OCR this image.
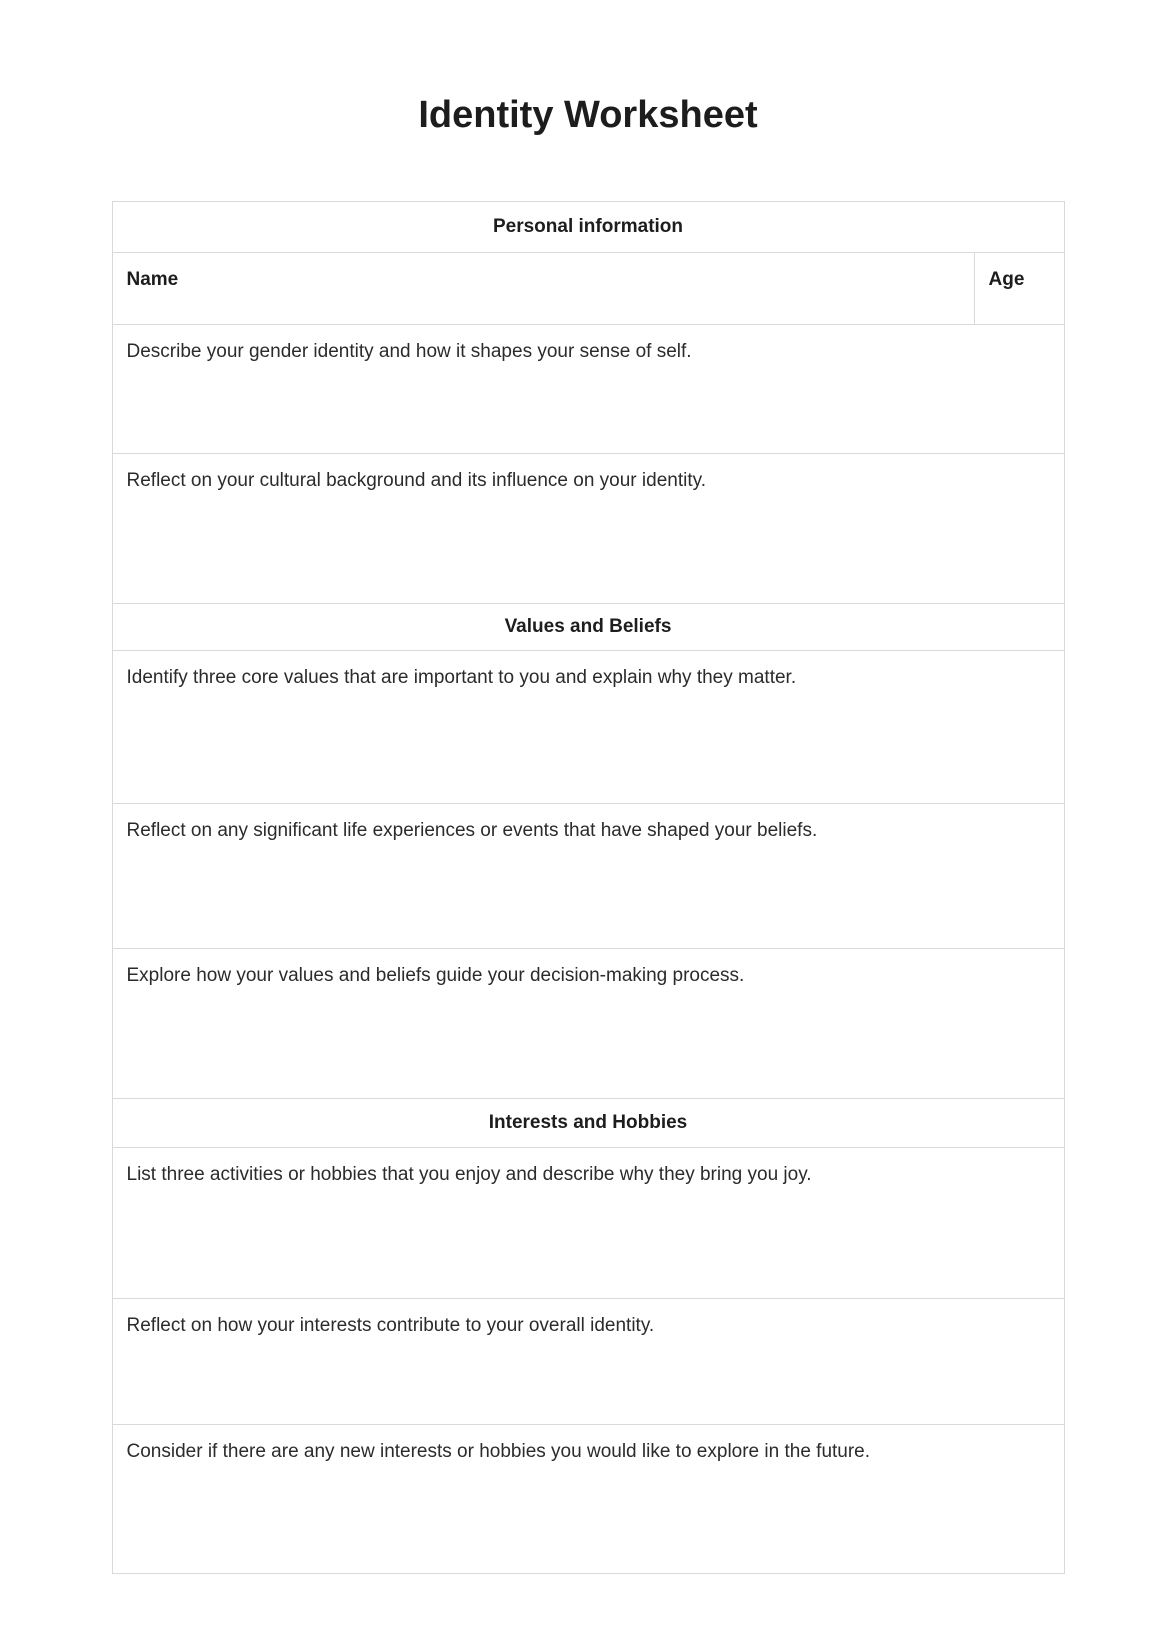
Identity Worksheet
Personal information
Name	Age
Describe your gender identity and how it shapes your sense of self.
Reflect on your cultural background and its influence on your identity.
Values and Beliefs
Identify three core values that are important to you and explain why they matter.
Reflect on any significant life experiences or events that have shaped your beliefs.
Explore how your values and beliefs guide your decision-making process.
Interests and Hobbies
List three activities or hobbies that you enjoy and describe why they bring you joy.
Reflect on how your interests contribute to your overall identity.
Consider if there are any new interests or hobbies you would like to explore in the future.
